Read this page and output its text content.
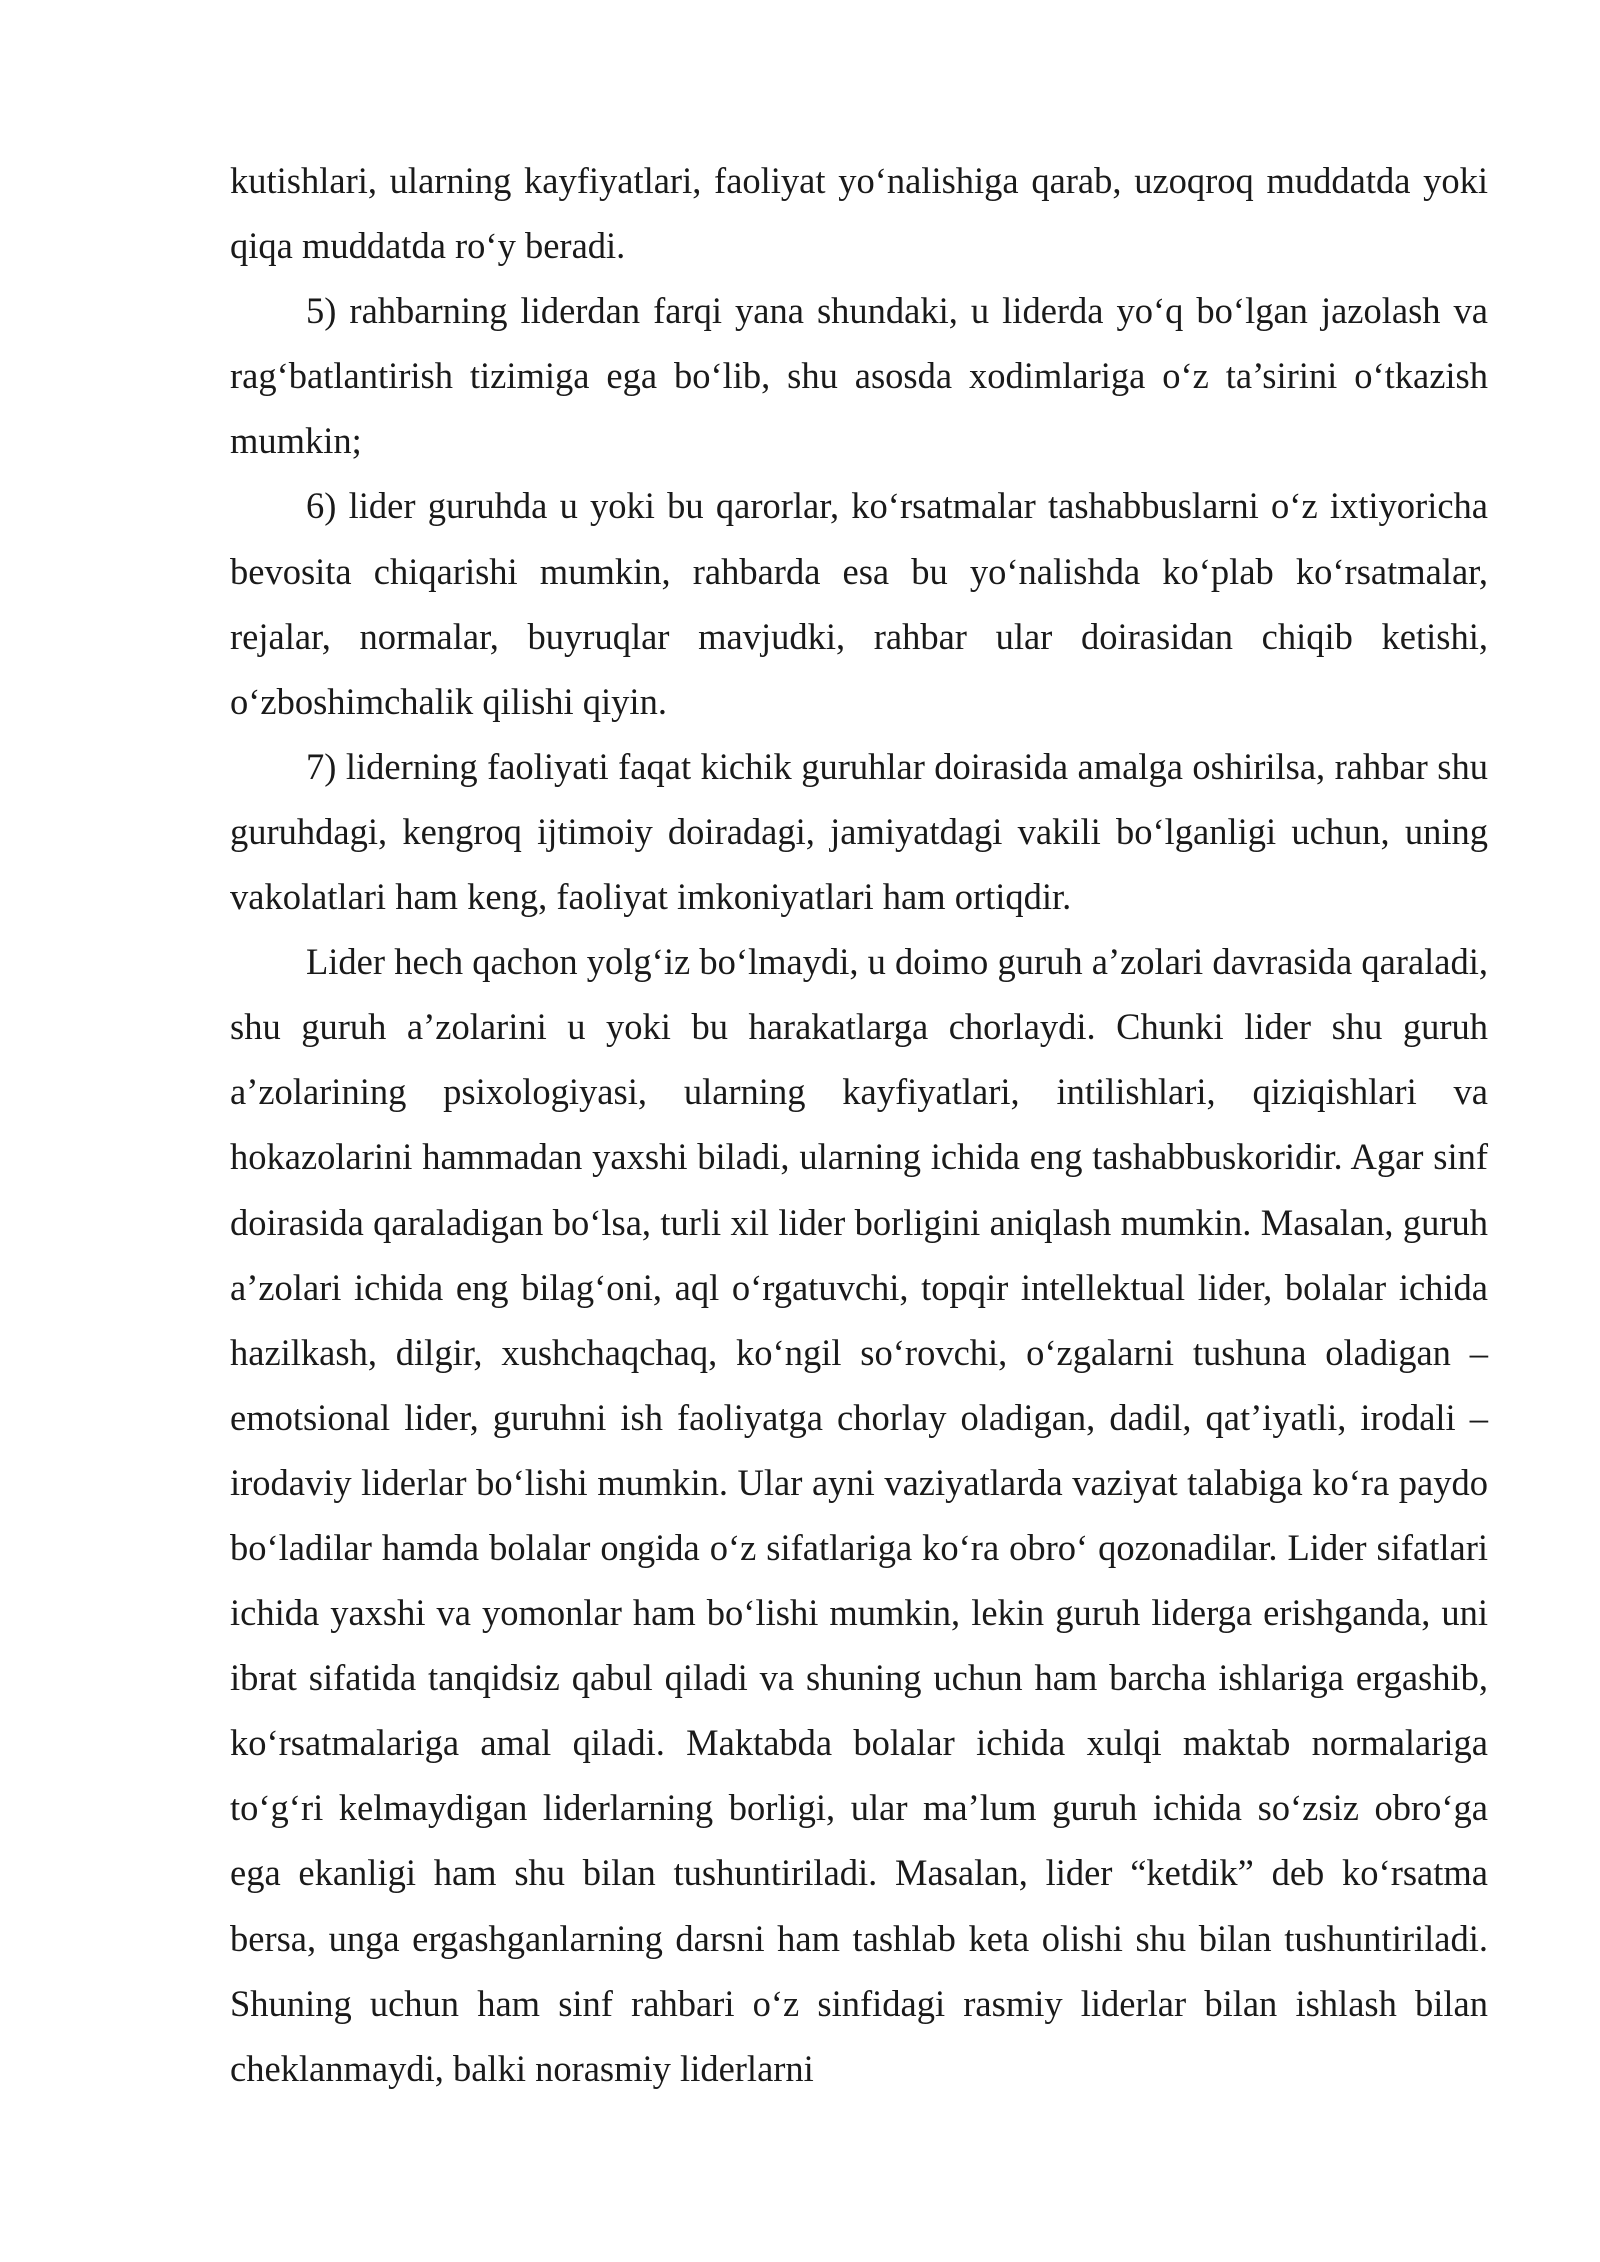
kutishlari, ularning kayfiyatlari, faoliyat yo‘nalishiga qarab, uzoqroq muddatda yoki qiqa muddatda ro‘y beradi.

5) rahbarning liderdan farqi yana shundaki, u liderda yo‘q bo‘lgan jazolash va rag‘batlantirish tizimiga ega bo‘lib, shu asosda xodimlariga o‘z ta’sirini o‘tkazish mumkin;

6) lider guruhda u yoki bu qarorlar, ko‘rsatmalar tashabbuslarni o‘z ixtiyoricha bevosita chiqarishi mumkin, rahbarda esa bu yo‘nalishda ko‘plab ko‘rsatmalar, rejalar, normalar, buyruqlar mavjudki, rahbar ular doirasidan chiqib ketishi, o‘zboshimchalik qilishi qiyin.

7) liderning faoliyati faqat kichik guruhlar doirasida amalga oshirilsa, rahbar shu guruhdagi, kengroq ijtimoiy doiradagi, jamiyatdagi vakili bo‘lganligi uchun, uning vakolatlari ham keng, faoliyat imkoniyatlari ham ortiqdir.

Lider hech qachon yolg‘iz bo‘lmaydi, u doimo guruh a’zolari davrasida qaraladi, shu guruh a’zolarini u yoki bu harakatlarga chorlaydi. Chunki lider shu guruh a’zolarining psixologiyasi, ularning kayfiyatlari, intilishlari, qiziqishlari va hokazolarini hammadan yaxshi biladi, ularning ichida eng tashabbuskoridir. Agar sinf doirasida qaraladigan bo‘lsa, turli xil lider borligini aniqlash mumkin. Masalan, guruh a’zolari ichida eng bilag‘oni, aql o‘rgatuvchi, topqir intellektual lider, bolalar ichida hazilkash, dilgir, xushchaqchaq, ko‘ngil so‘rovchi, o‘zgalarni tushuna oladigan – emotsional lider, guruhni ish faoliyatga chorlay oladigan, dadil, qat’iyatli, irodali – irodaviy liderlar bo‘lishi mumkin. Ular ayni vaziyatlarda vaziyat talabiga ko‘ra paydo bo‘ladilar hamda bolalar ongida o‘z sifatlariga ko‘ra obro‘ qozonadilar. Lider sifatlari ichida yaxshi va yomonlar ham bo‘lishi mumkin, lekin guruh liderga erishganda, uni ibrat sifatida tanqidsiz qabul qiladi va shuning uchun ham barcha ishlariga ergashib, ko‘rsatmalariga amal qiladi. Maktabda bolalar ichida xulqi maktab normalariga to‘g‘ri kelmaydigan liderlarning borligi, ular ma’lum guruh ichida so‘zsiz obro‘ga ega ekanligi ham shu bilan tushuntiriladi. Masalan, lider “ketdik” deb ko‘rsatma bersa, unga ergashganlarning darsni ham tashlab keta olishi shu bilan tushuntiriladi. Shuning uchun ham sinf rahbari o‘z sinfidagi rasmiy liderlar bilan ishlash bilan cheklanmaydi, balki norasmiy liderlarni
